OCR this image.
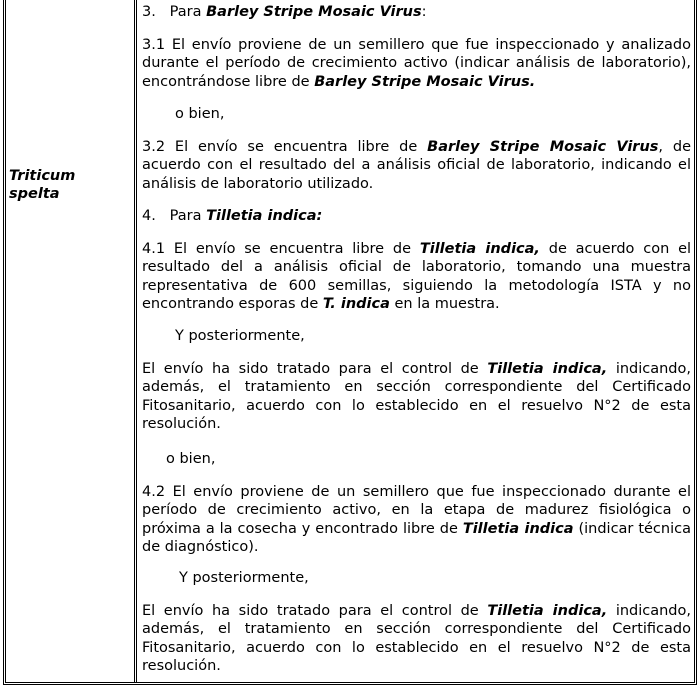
Triticum
spelta
3. Para Barley Stripe Mosaic Virus:
3.1 El envío proviene de un semillero que fue inspeccionado y analizado durante el período de crecimiento activo (indicar análisis de laboratorio), encontrándose libre de Barley Stripe Mosaic Virus.
o bien,
3.2 El envío se encuentra libre de Barley Stripe Mosaic Virus, de acuerdo con el resultado del a análisis oficial de laboratorio, indicando el análisis de laboratorio utilizado.
4. Para Tilletia indica:
4.1 El envío se encuentra libre de Tilletia indica, de acuerdo con el resultado del a análisis oficial de laboratorio, tomando una muestra representativa de 600 semillas, siguiendo la metodología ISTA y no encontrando esporas de T. indica en la muestra.
Y posteriormente,
El envío ha sido tratado para el control de Tilletia indica, indicando, además, el tratamiento en sección correspondiente del Certificado Fitosanitario, acuerdo con lo establecido en el resuelvo N°2 de esta resolución.
o bien,
4.2 El envío proviene de un semillero que fue inspeccionado durante el período de crecimiento activo, en la etapa de madurez fisiológica o próxima a la cosecha y encontrado libre de Tilletia indica (indicar técnica de diagnóstico).
Y posteriormente,
El envío ha sido tratado para el control de Tilletia indica, indicando, además, el tratamiento en sección correspondiente del Certificado Fitosanitario, acuerdo con lo establecido en el resuelvo N°2 de esta resolución.
